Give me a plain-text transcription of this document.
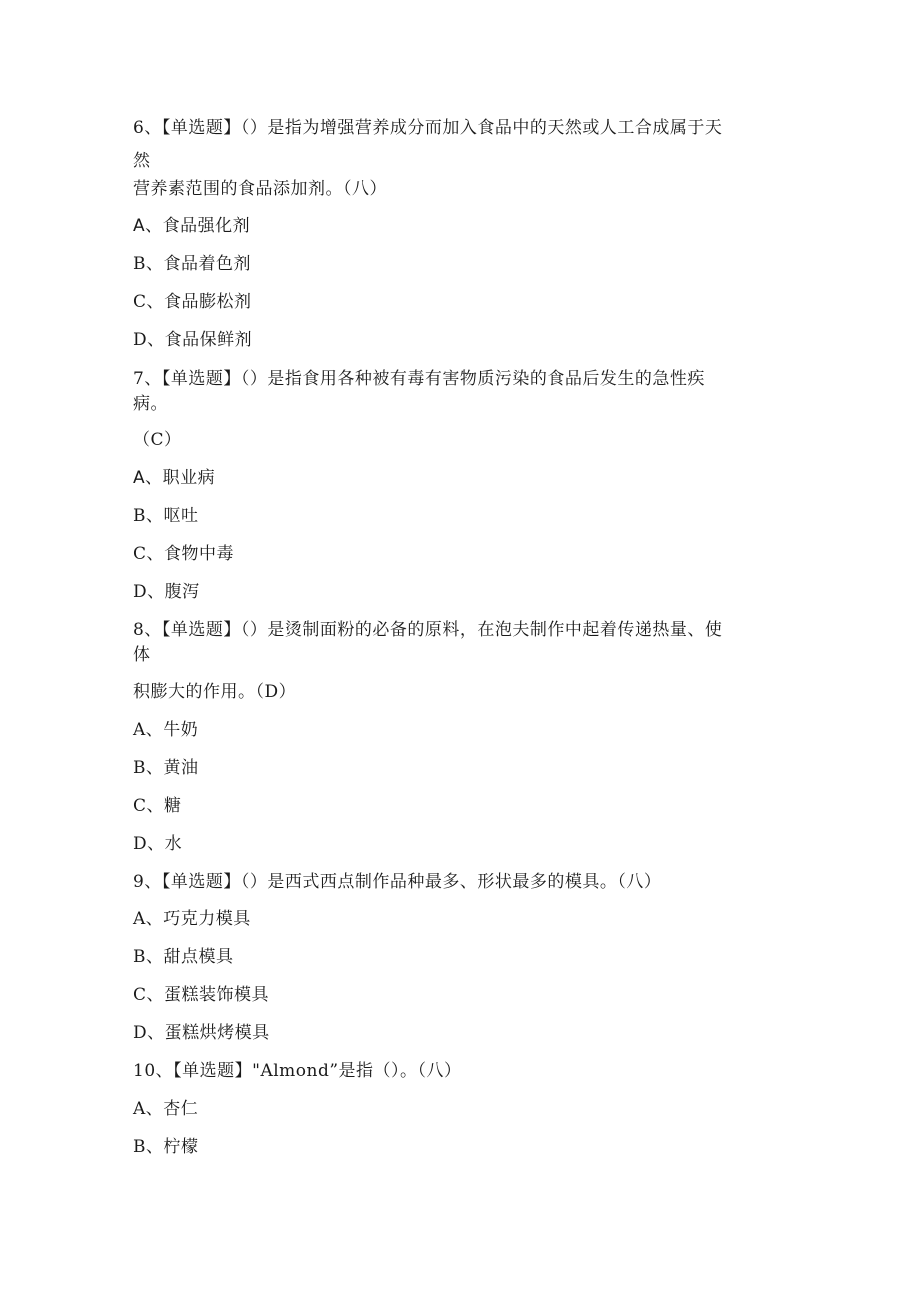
6、【单选题】（）是指为增强营养成分而加入食品中的天然或人工合成属于天
然
营养素范围的食品添加剂。（八）
A、食品强化剂
B、食品着色剂
C、食品膨松剂
D、食品保鲜剂
7、【单选题】（）是指食用各种被有毒有害物质污染的食品后发生的急性疾
病。
（C）
A、职业病
B、呕吐
C、食物中毒
D、腹泻
8、【单选题】（）是烫制面粉的必备的原料，在泡夫制作中起着传递热量、使
体
积膨大的作用。（D）
A、牛奶
B、黄油
C、糖
D、水
9、【单选题】（）是西式西点制作品种最多、形状最多的模具。（八）
A、巧克力模具
B、甜点模具
C、蛋糕装饰模具
D、蛋糕烘烤模具
10、【单选题】"Almond”是指（）。（八）
A、杏仁
B、柠檬
